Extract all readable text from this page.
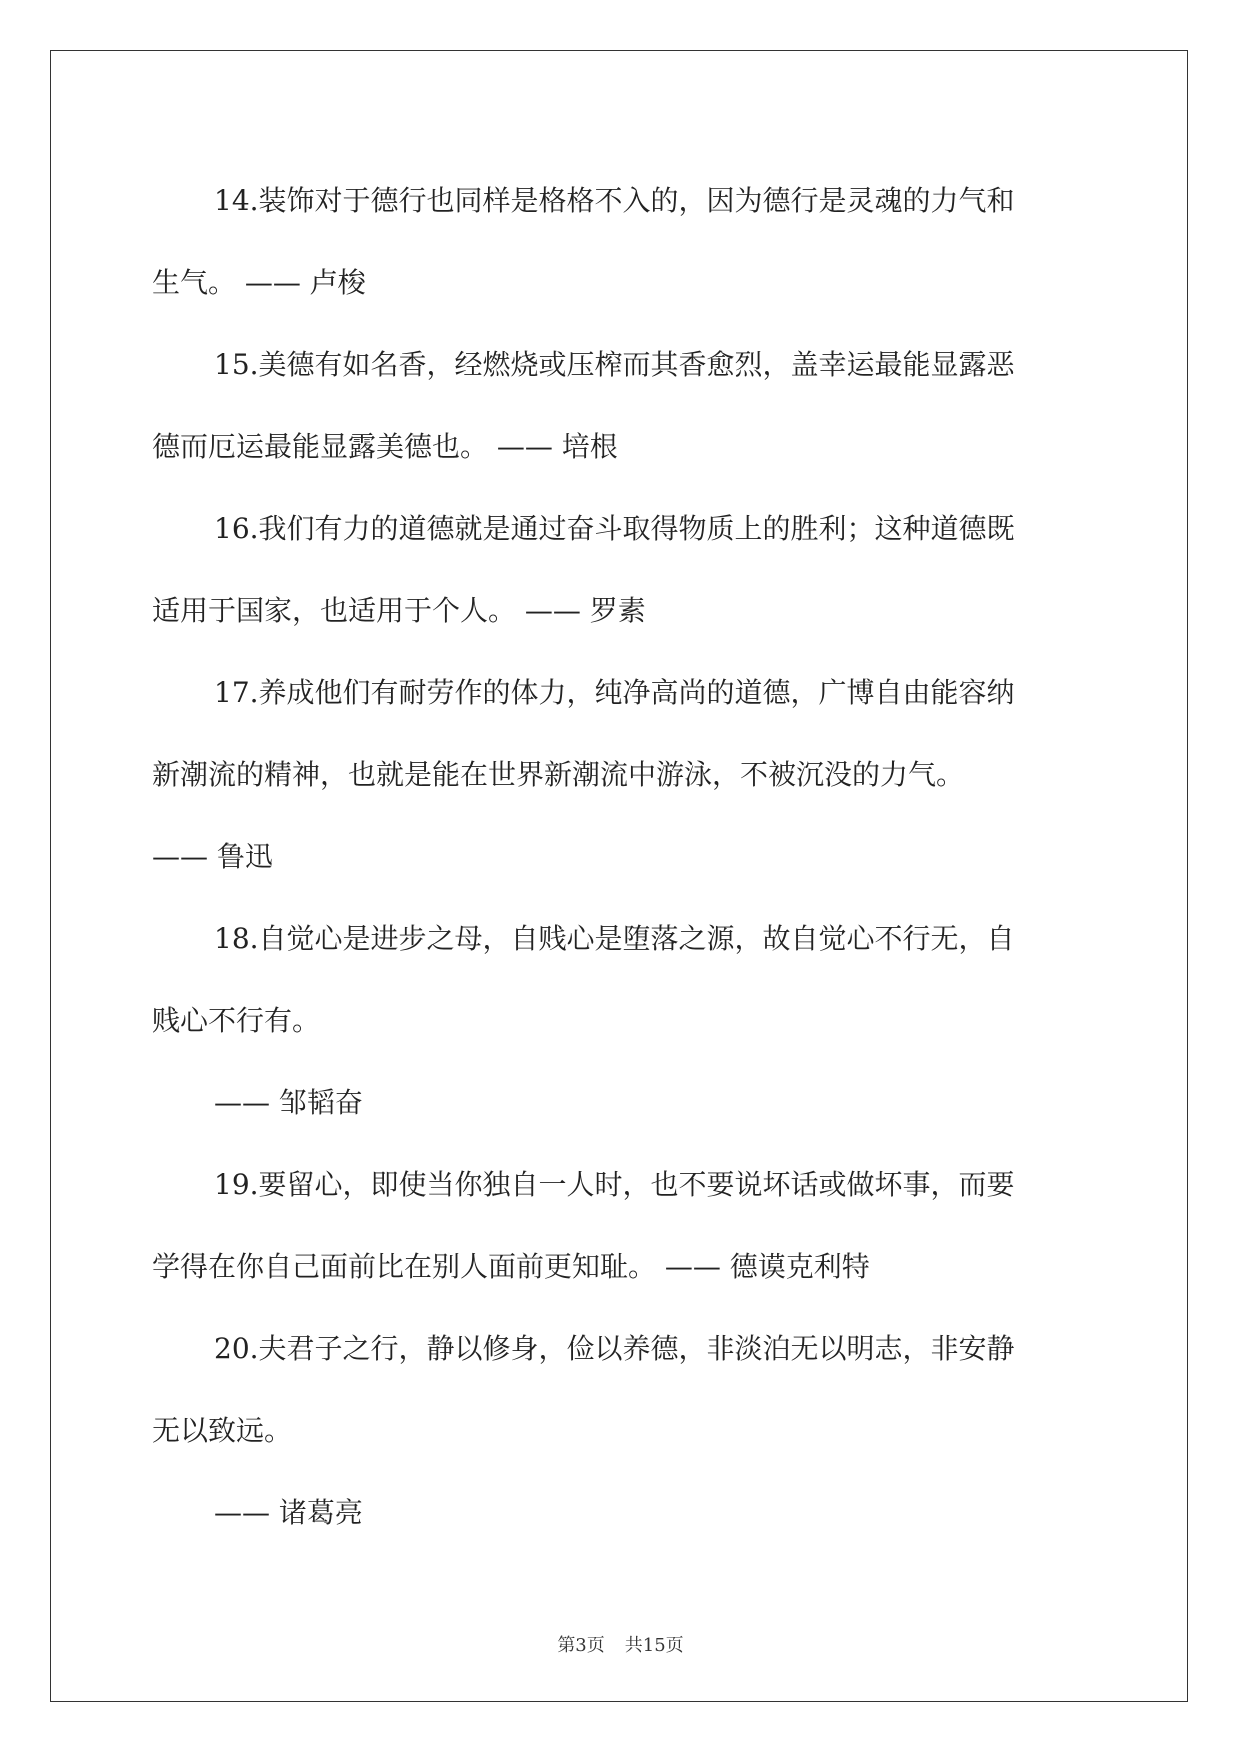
14.装饰对于德行也同样是格格不入的，因为德行是灵魂的力气和
生气。 —— 卢梭
15.美德有如名香，经燃烧或压榨而其香愈烈，盖幸运最能显露恶
德而厄运最能显露美德也。 —— 培根
16.我们有力的道德就是通过奋斗取得物质上的胜利；这种道德既
适用于国家，也适用于个人。 —— 罗素
17.养成他们有耐劳作的体力，纯净高尚的道德，广博自由能容纳
新潮流的精神，也就是能在世界新潮流中游泳，不被沉没的力气。
—— 鲁迅
18.自觉心是进步之母，自贱心是堕落之源，故自觉心不行无，自
贱心不行有。
—— 邹韬奋
19.要留心，即使当你独自一人时，也不要说坏话或做坏事，而要
学得在你自己面前比在别人面前更知耻。 —— 德谟克利特
20.夫君子之行，静以修身，俭以养德，非淡泊无以明志，非安静
无以致远。
—— 诸葛亮
第3页 共15页
